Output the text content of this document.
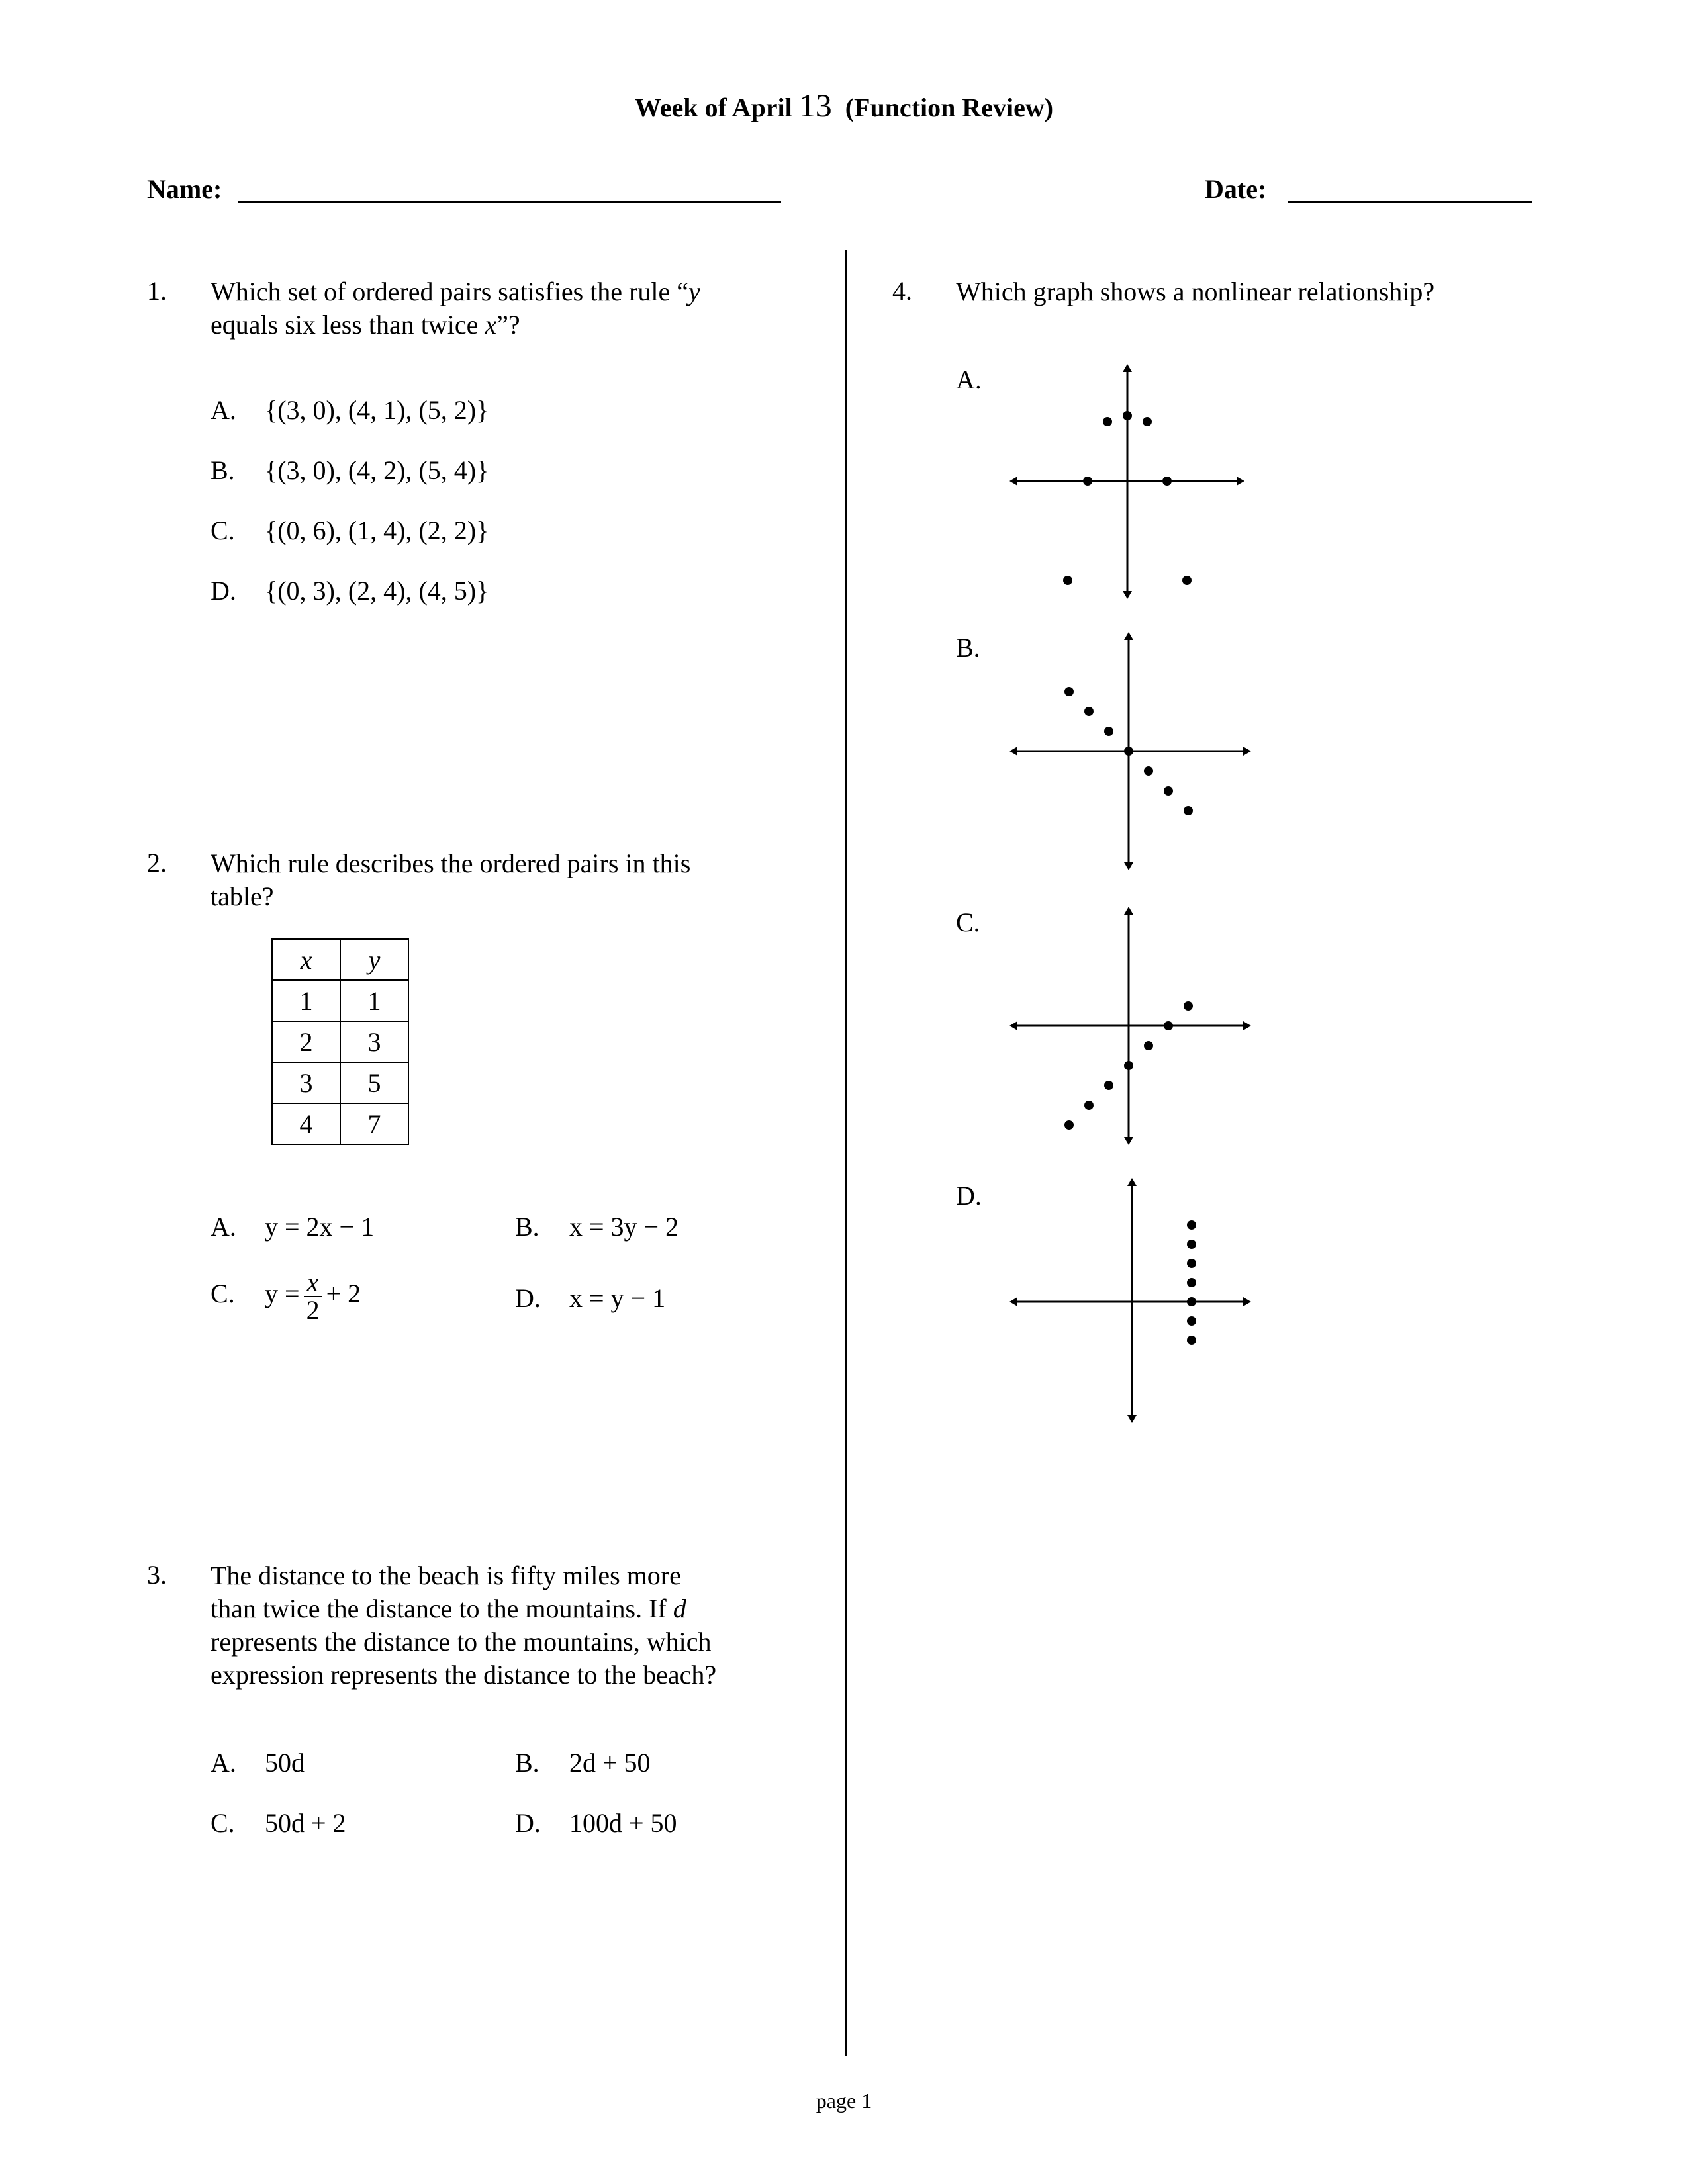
Week of April 13 (Function Review)
Name:	Date:
1. Which set of ordered pairs satisfies the rule “y
equals six less than twice x”?
A. {(3, 0), (4, 1), (5, 2)}
B. {(3, 0), (4, 2), (5, 4)}
C. {(0, 6), (1, 4), (2, 2)}
D. {(0, 3), (2, 4), (4, 5)}
2. Which rule describes the ordered pairs in this
table?
x	y
1	1
2	3
3	5
4	7
A. y = 2x − 1	B. x = 3y − 2
C. $y = \frac{x}{2} + 2$	D. x = y − 1
3. The distance to the beach is fifty miles more
than twice the distance to the mountains. If d
represents the distance to the mountains, which
expression represents the distance to the beach?
A. 50d	B. 2d + 50
C. 50d + 2	D. 100d + 50
4. Which graph shows a nonlinear relationship?
A.
B.
C.
D.
page 1
